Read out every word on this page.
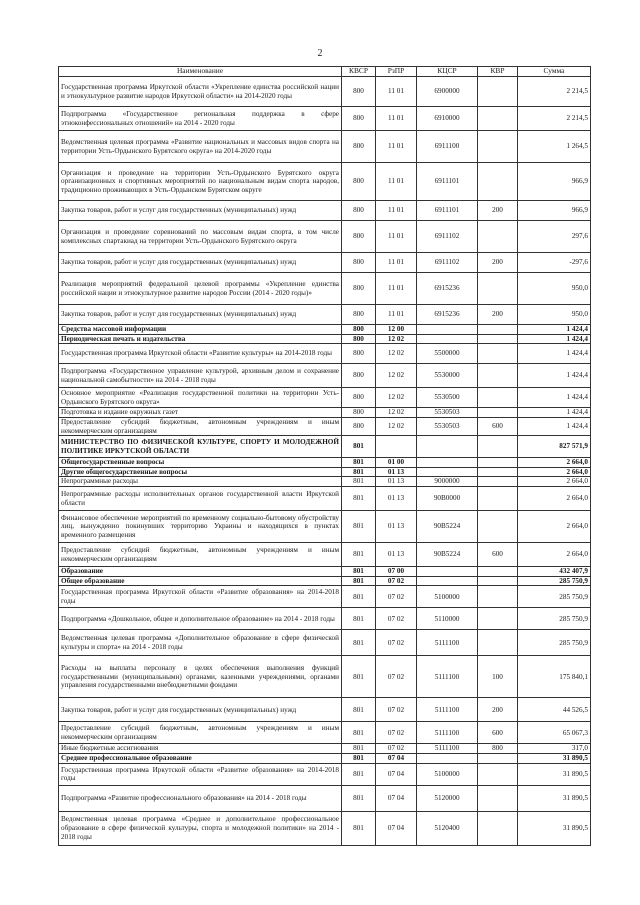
2
Наименование	КВСР	РзПР	КЦСР	КВР	Сумма
Государственная программа Иркутской области «Укрепление единства российской нации и этнокультурное развитие народов Иркутской области» на 2014-2020 годы	800	11 01	6900000		2 214,5
Подпрограмма «Государственное региональная поддержка в сфере этноконфессиональных отношений» на 2014 - 2020 годы	800	11 01	6910000		2 214,5
Ведомственная целевая программа «Развитие национальных и массовых видов спорта на территории Усть-Ордынского Бурятского округа» на 2014-2020 годы	800	11 01	6911100		1 264,5
Организация и проведение на территории Усть-Ордынского Бурятского округа организационных и спортивных мероприятий по национальным видам спорта народов, традиционно проживающих в Усть-Ордынском Бурятском округе	800	11 01	6911101		966,9
Закупка товаров, работ и услуг для государственных (муниципальных) нужд	800	11 01	6911101	200	966,9
Организация и проведение соревнований по массовым видам спорта, в том числе комплексных спартакиад на территории Усть-Ордынского Бурятского округа	800	11 01	6911102		297,6
Закупка товаров, работ и услуг для государственных (муниципальных) нужд	800	11 01	6911102	200	-297,6
Реализация мероприятий федеральной целевой программы «Укрепление единства российской нации и этнокультурное развитие народов России (2014 - 2020 годы)»	800	11 01	6915236		950,0
Закупка товаров, работ и услуг для государственных (муниципальных) нужд	800	11 01	6915236	200	950,0
Средства массовой информации	800	12 00			1 424,4
Периодическая печать и издательства	800	12 02			1 424,4
Государственная программа Иркутской области «Развитие культуры» на 2014-2018 годы	800	12 02	5500000		1 424,4
Подпрограмма «Государственное управление культурой, архивным делом и сохранение национальной самобытности» на 2014 - 2018 годы	800	12 02	5530000		1 424,4
Основное мероприятие «Реализация государственной политики на территории Усть-Ордынского Бурятского округа»	800	12 02	5530500		1 424,4
Подготовка и издание окружных газет	800	12 02	5530503		1 424,4
Предоставление субсидий бюджетным, автономным учреждениям и иным некоммерческим организациям	800	12 02	5530503	600	1 424,4
МИНИСТЕРСТВО ПО ФИЗИЧЕСКОЙ КУЛЬТУРЕ, СПОРТУ И МОЛОДЕЖНОЙ ПОЛИТИКЕ ИРКУТСКОЙ ОБЛАСТИ	801				827 571,9
Общегосударственные вопросы	801	01 00			2 664,0
Другие общегосударственные вопросы	801	01 13			2 664,0
Непрограммные расходы	801	01 13	9000000		2 664,0
Непрограммные расходы исполнительных органов государственной власти Иркутской области	801	01 13	90В0000		2 664,0
Финансовое обеспечение мероприятий по временному социально-бытовому обустройству лиц, вынужденно покинувших территорию Украины и находящихся в пунктах временного размещения	801	01 13	90В5224		2 664,0
Предоставление субсидий бюджетным, автономным учреждениям и иным некоммерческим организациям	801	01 13	90В5224	600	2 664,0
Образование	801	07 00			432 407,9
Общее образование	801	07 02			285 750,9
Государственная программа Иркутской области «Развитие образования» на 2014-2018 годы	801	07 02	5100000		285 750,9
Подпрограмма «Дошкольное, общее и дополнительное образование» на 2014 - 2018 годы	801	07 02	5110000		285 750,9
Ведомственная целевая программа «Дополнительное образование в сфере физической культуры и спорта» на 2014 - 2018 годы	801	07 02	5111100		285 750,9
Расходы на выплаты персоналу в целях обеспечения выполнения функций государственными (муниципальными) органами, казенными учреждениями, органами управления государственными внебюджетными фондами	801	07 02	5111100	100	175 840,1
Закупка товаров, работ и услуг для государственных (муниципальных) нужд	801	07 02	5111100	200	44 526,5
Предоставление субсидий бюджетным, автономным учреждениям и иным некоммерческим организациям	801	07 02	5111100	600	65 067,3
Иные бюджетные ассигнования	801	07 02	5111100	800	317,0
Среднее профессиональное образование	801	07 04			31 890,5
Государственная программа Иркутской области «Развитие образования» на 2014-2018 годы	801	07 04	5100000		31 890,5
Подпрограмма «Развитие профессионального образования» на 2014 - 2018 годы	801	07 04	5120000		31 890,5
Ведомственная целевая программа «Среднее и дополнительное профессиональное образование в сфере физической культуры, спорта и молодежной политики» на 2014 - 2018 годы	801	07 04	5120400		31 890,5
